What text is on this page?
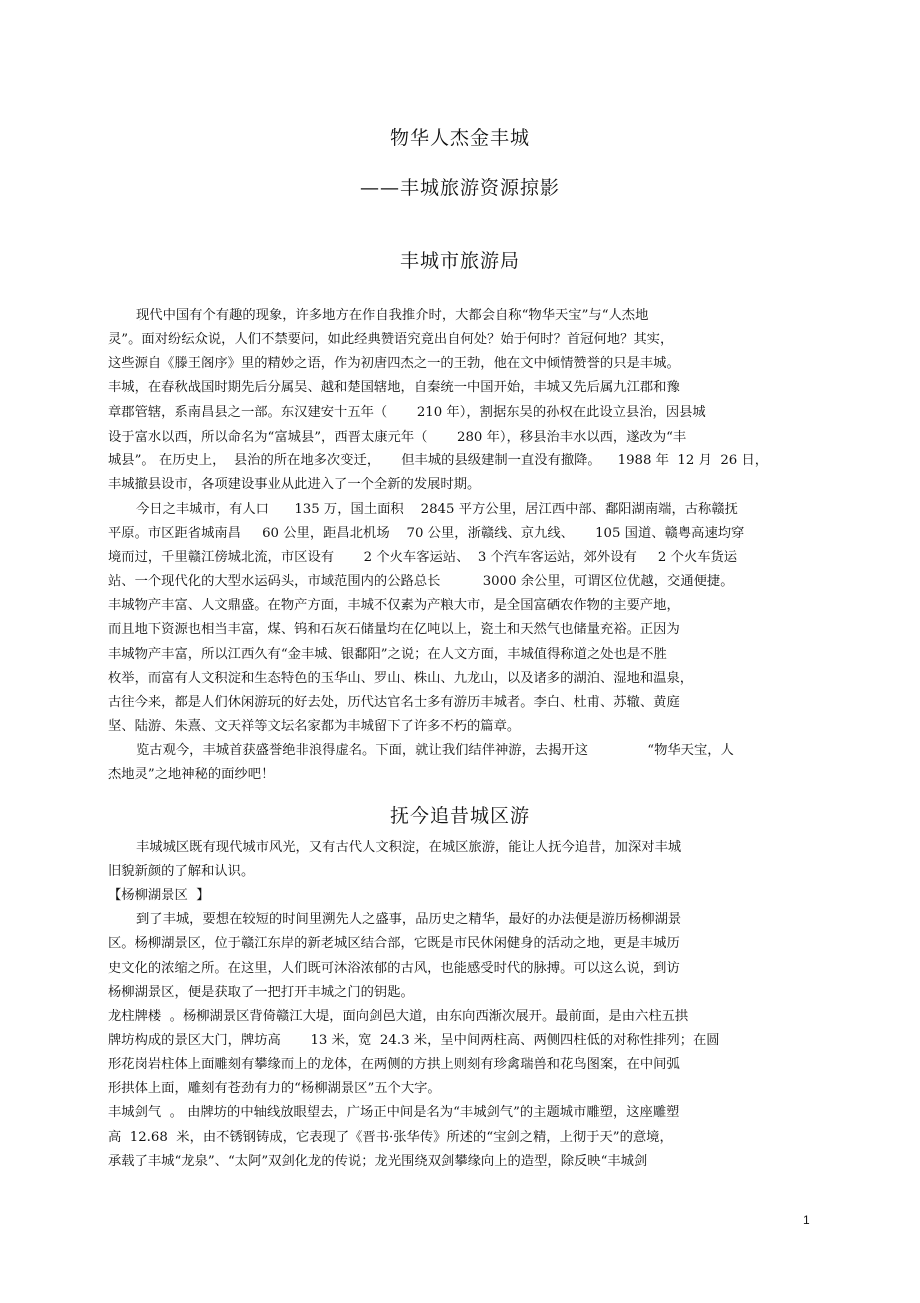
物华人杰金丰城
——丰城旅游资源掠影
丰城市旅游局
现代中国有个有趣的现象，许多地方在作自我推介时，大都会自称“物华天宝”与“人杰地
灵”。面对纷纭众说，人们不禁要问，如此经典赞语究竟出自何处？始于何时？首冠何地？其实，
这些源自《滕王阁序》里的精妙之语，作为初唐四杰之一的王勃，他在文中倾情赞誉的只是丰城。
丰城，在春秋战国时期先后分属吴、越和楚国辖地，自秦统一中国开始，丰城又先后属九江郡和豫
章郡管辖，系南昌县之一部。东汉建安十五年（       210 年），割据东吴的孙权在此设立县治，因县城
设于富水以西，所以命名为“富城县”，西晋太康元年（       280 年），移县治丰水以西，遂改为“丰
城县”。 在历史上，  县治的所在地多次变迁，     但丰城的县级建制一直没有撤降。    1988 年  12 月  26 日，
丰城撤县设市，各项建设事业从此进入了一个全新的发展时期。
今日之丰城市，有人口      135 万，国土面积    2845 平方公里，居江西中部、鄱阳湖南端，古称赣抚
平原。市区距省城南昌     60 公里，距昌北机场    70 公里，浙赣线、京九线、     105 国道、赣粤高速均穿
境而过，千里赣江傍城北流，市区设有       2 个火车客运站、  3 个汽车客运站，郊外设有     2 个火车货运
站、一个现代化的大型水运码头，市域范围内的公路总长          3000 余公里，可谓区位优越，交通便捷。
丰城物产丰富、人文鼎盛。在物产方面，丰城不仅素为产粮大市，是全国富硒农作物的主要产地，
而且地下资源也相当丰富，煤、钨和石灰石储量均在亿吨以上，瓷土和天然气也储量充裕。正因为
丰城物产丰富，所以江西久有“金丰城、银鄱阳”之说；在人文方面，丰城值得称道之处也是不胜
枚举，而富有人文积淀和生态特色的玉华山、罗山、株山、九龙山，以及诸多的湖泊、湿地和温泉，
古往今来，都是人们休闲游玩的好去处，历代达官名士多有游历丰城者。李白、杜甫、苏辙、黄庭
坚、陆游、朱熹、文天祥等文坛名家都为丰城留下了许多不朽的篇章。
览古观今，丰城首获盛誉绝非浪得虚名。下面，就让我们结伴神游，去揭开这              “物华天宝，人
杰地灵”之地神秘的面纱吧！
抚今追昔城区游
丰城城区既有现代城市风光，又有古代人文积淀，在城区旅游，能让人抚今追昔，加深对丰城
旧貌新颜的了解和认识。
【杨柳湖景区  】
到了丰城，要想在较短的时间里溯先人之盛事，品历史之精华，最好的办法便是游历杨柳湖景
区。杨柳湖景区，位于赣江东岸的新老城区结合部，它既是市民休闲健身的活动之地，更是丰城历
史文化的浓缩之所。在这里，人们既可沐浴浓郁的古风，也能感受时代的脉搏。可以这么说，到访
杨柳湖景区，便是获取了一把打开丰城之门的钥匙。
龙柱牌楼  。杨柳湖景区背倚赣江大堤，面向剑邑大道，由东向西渐次展开。最前面，是由六柱五拱
牌坊构成的景区大门，牌坊高       13 米，宽  24.3 米，呈中间两柱高、两侧四柱低的对称性排列；在圆
形花岗岩柱体上面雕刻有攀缘而上的龙体，在两侧的方拱上则刻有珍禽瑞兽和花鸟图案，在中间弧
形拱体上面，雕刻有苍劲有力的“杨柳湖景区”五个大字。
丰城剑气  。 由牌坊的中轴线放眼望去，广场正中间是名为“丰城剑气”的主题城市雕塑，这座雕塑
高  12.68  米，由不锈钢铸成，它表现了《晋书·张华传》所述的“宝剑之精，上彻于天”的意境，
承载了丰城“龙泉”、“太阿”双剑化龙的传说；龙光围绕双剑攀缘向上的造型，除反映“丰城剑
1
